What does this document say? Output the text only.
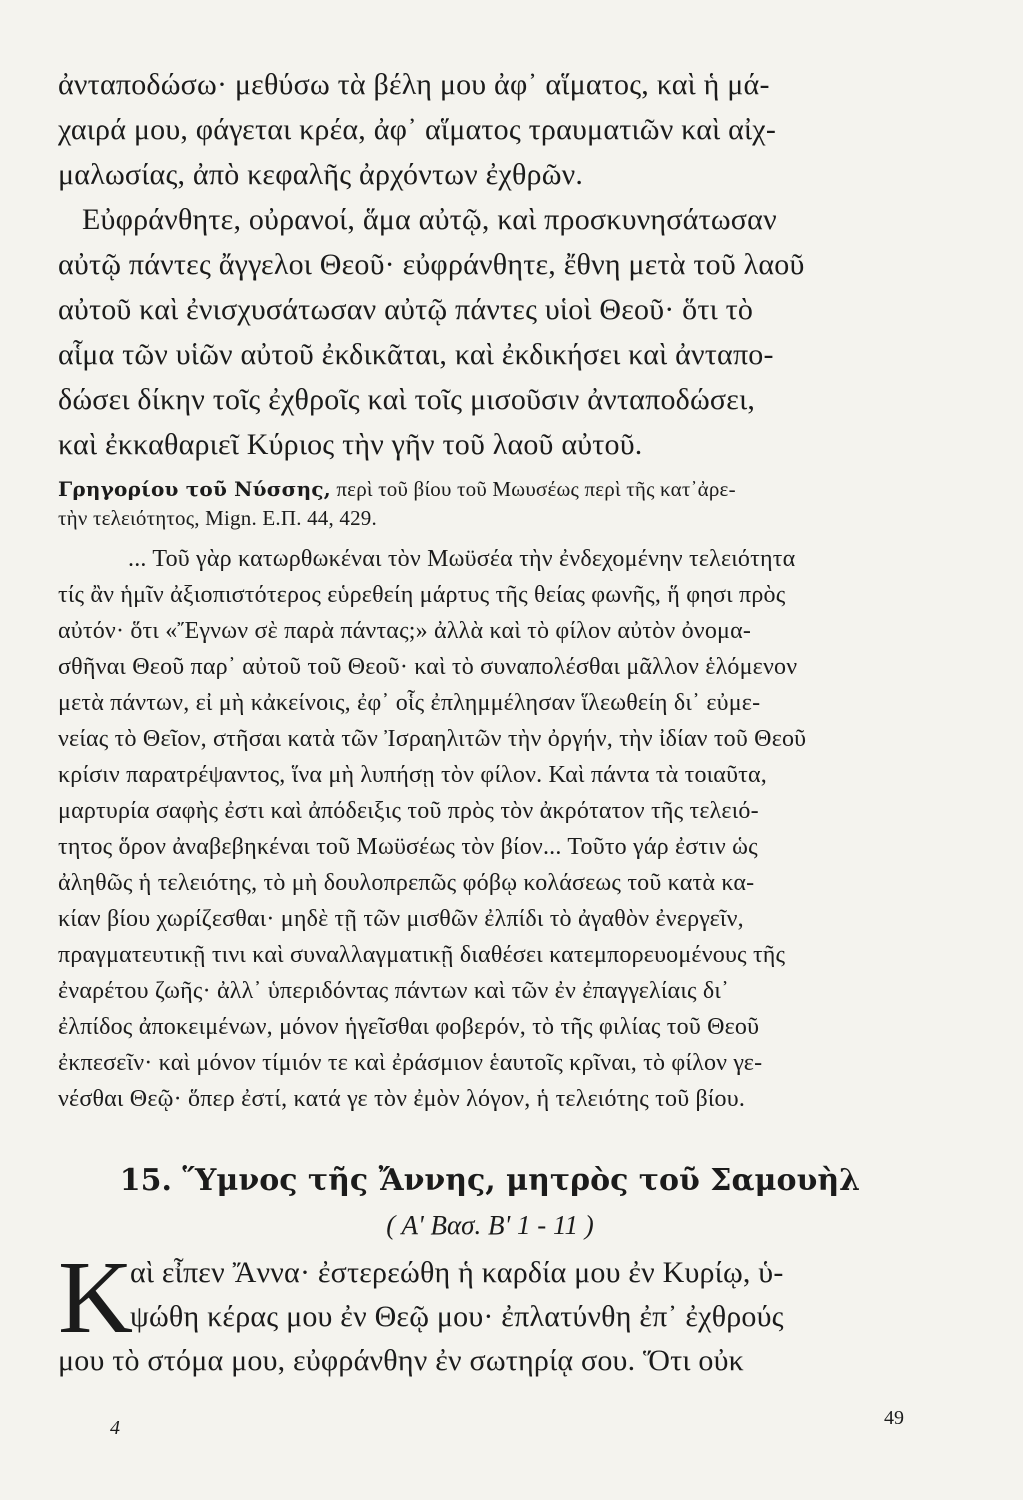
ἀνταποδώσω· μεθύσω τὰ βέλη μου ἀφ᾿ αἵματος, καὶ ἡ μά-

χαιρά μου, φάγεται κρέα, ἀφ᾿ αἵματος τραυματιῶν καὶ αἰχ-

μαλωσίας, ἀπὸ κεφαλῆς ἀρχόντων ἐχθρῶν.

Εὐφράνθητε, οὐρανοί, ἅμα αὐτῷ, καὶ προσκυνησάτωσαν

αὐτῷ πάντες ἄγγελοι Θεοῦ· εὐφράνθητε, ἔθνη μετὰ τοῦ λαοῦ

αὐτοῦ καὶ ἐνισχυσάτωσαν αὐτῷ πάντες υἱοὶ Θεοῦ· ὅτι τὸ

αἷμα τῶν υἱῶν αὐτοῦ ἐκδικᾶται, καὶ ἐκδικήσει καὶ ἀνταπο-

δώσει δίκην τοῖς ἐχθροῖς καὶ τοῖς μισοῦσιν ἀνταποδώσει,

καὶ ἐκκαθαριεῖ Κύριος τὴν γῆν τοῦ λαοῦ αὐτοῦ.

Γρηγορίου τοῦ Νύσσης, περὶ τοῦ βίου τοῦ Μωυσέως περὶ τῆς κατ᾿ἀρε-

τὴν τελειότητος, Mign. Ε.Π. 44, 429.

... Τοῦ γὰρ κατωρθωκέναι τὸν Μωϋσέα τὴν ἐνδεχομένην τελειότητα

τίς ἂν ἡμῖν ἀξιοπιστότερος εὑρεθείη μάρτυς τῆς θείας φωνῆς, ἥ φησι πρὸς

αὐτόν· ὅτι «Ἔγνων σὲ παρὰ πάντας;» ἀλλὰ καὶ τὸ φίλον αὐτὸν ὀνομα-

σθῆναι Θεοῦ παρ᾿ αὐτοῦ τοῦ Θεοῦ· καὶ τὸ συναπολέσθαι μᾶλλον ἑλόμενον

μετὰ πάντων, εἰ μὴ κἀκείνοις, ἐφ᾿ οἷς ἐπλημμέλησαν ἵλεωθείη δι᾿ εὐμε-

νείας τὸ Θεῖον, στῆσαι κατὰ τῶν Ἰσραηλιτῶν τὴν ὀργήν, τὴν ἰδίαν τοῦ Θεοῦ

κρίσιν παρατρέψαντος, ἵνα μὴ λυπήσῃ τὸν φίλον. Καὶ πάντα τὰ τοιαῦτα,

μαρτυρία σαφὴς ἐστι καὶ ἀπόδειξις τοῦ πρὸς τὸν ἀκρότατον τῆς τελειό-

τητος ὅρον ἀναβεβηκέναι τοῦ Μωϋσέως τὸν βίον... Τοῦτο γάρ ἐστιν ὡς

ἀληθῶς ἡ τελειότης, τὸ μὴ δουλοπρεπῶς φόβῳ κολάσεως τοῦ κατὰ κα-

κίαν βίου χωρίζεσθαι· μηδὲ τῇ τῶν μισθῶν ἐλπίδι τὸ ἀγαθὸν ἐνεργεῖν,

πραγματευτικῇ τινι καὶ συναλλαγματικῇ διαθέσει κατεμπορευομένους τῆς

ἐναρέτου ζωῆς· ἀλλ᾿ ὑπεριδόντας πάντων καὶ τῶν ἐν ἐπαγγελίαις δι᾿

ἐλπίδος ἀποκειμένων, μόνον ἡγεῖσθαι φοβερόν, τὸ τῆς φιλίας τοῦ Θεοῦ

ἐκπεσεῖν· καὶ μόνον τίμιόν τε καὶ ἐράσμιον ἑαυτοῖς κρῖναι, τὸ φίλον γε-

νέσθαι Θεῷ· ὅπερ ἐστί, κατά γε τὸν ἐμὸν λόγον, ἡ τελειότης τοῦ βίου.

15. Ὕμνος τῆς Ἄννης, μητρὸς τοῦ Σαμουὴλ
( Α' Βασ. Β' 1 - 11 )
Κ

αὶ εἶπεν Ἄννα· ἐστερεώθη ἡ καρδία μου ἐν Κυρίῳ, ὑ-

ψώθη κέρας μου ἐν Θεῷ μου· ἐπλατύνθη ἐπ᾿ ἐχθρούς

μου τὸ στόμα μου, εὐφράνθην ἐν σωτηρίᾳ σου. Ὅτι οὐκ

4	49
